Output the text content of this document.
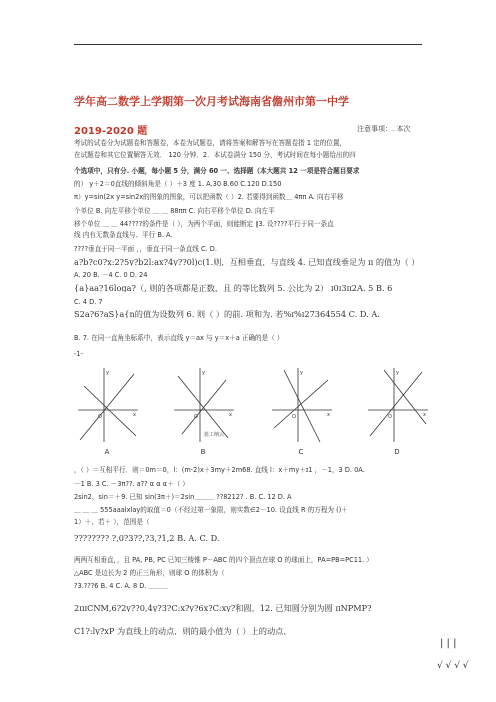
学年高二数学上学期第一次月考试海南省儋州市第一中学
2019-2020 题	注意事项：. 本次
考试的试卷分为试题卷和答题卷，本卷为试题卷，请将答案和解答写在答题卷指 1 定的位置，
在试题卷和其它位置解答无效． 120 分钟．2．本试卷满分 150 分，考试时间在每小题给出的四
个选项中，只有分. 小题，每小题 5 分，满分 60 一、选择题（本大题共 12 一项是符合题目要求
的） y＋2＝0直线的倾斜角是（ ）＋3 度 1. A.30 B.60 C.120 D.150
π）y=sin(2x y=sin2x的图象的图象，可以把函数（ ）2. 若要得到函数＿ 4ππ A. 向右平移
个单位 B. 向左平移个单位 ＿ ＿ 88ππ C. 向右平移个单位 D. 向左平
移个单位 ＿ ＿ 44????的条件是（ ），为两个平面，则能断定 ∥3. 设????平行于同一条直
线 内有无数条直线与、平行 B. A.
????垂直于同一平面 ，，垂直于同一条直线 C. D.
a?b?c0?x:2?5y?b2l:ax?4y??0l)c(1.则，互相垂直，与直线 4. 已知直线垂足为 ɪɪ 的值为（ ）
A. 20 B. －4 C. 0 D. 24
{a}aa?16loga?（, 则的各项都是正数，且 的等比数列 5. 公比为 2） ɪ0ɪ3ɪɪ2A. 5 B. 6
C. 4 D. 7
S2a?6?aS}a{n的值为设数列 6. 则（ ）的前. 项和为. 若%ɪ%ɪ27364554 C. D. A.
B. 7. 在同一直角坐标系中，表示直线 y＝ax 与 y＝x＋a 正确的是（ ）
-1-
y
x
O
A
y
x
O
蓝工纳云
B
y
x
O
C
y
x
O
D
，（ ）＝互相平行．则＝0m＝0，l：(m-2)x＋3my＋2m68. 直线 l：x＋my＋ɪ1 ，－1，3 D. 0A.
－1 B. 3 C. －3π??. a?? α α α＋（ ）
2sin2，sin＝＋9. 已知 sin(3π＋)＝2sin＿＿＿ ??8212? . B. C. 12 D. A
＿ ＿ ＿ 555aaalxlay的取值＝0（不经过第一象限，则实数∈2－10. 设直线 R 的方程为 ()＋
1）＋、若＋ ），范围是（
???????? ?,0?3??,?3,?1,2 B. A. C. D.
两两互相垂直，，且 PA, PB, PC 已知三棱锥 P－ABC 的四个顶点在球 O 的球面上，PA=PB=PC11. ）
△ABC 是边长为 2 的正三角形，则球 O 的体积为（
?3.???6 B. 4 C. A. 8 D. ＿＿＿
2ɪɪɪCNM,6?2y??0,4y?3?C:x?y?6x?C:xy?和圆，12. 已知圆分别为圆 ɪɪNPMP?
C1?:ly?xP 为直线上的动点，则的最小值为（ ）上的动点，
| | |
√ √ √ √
